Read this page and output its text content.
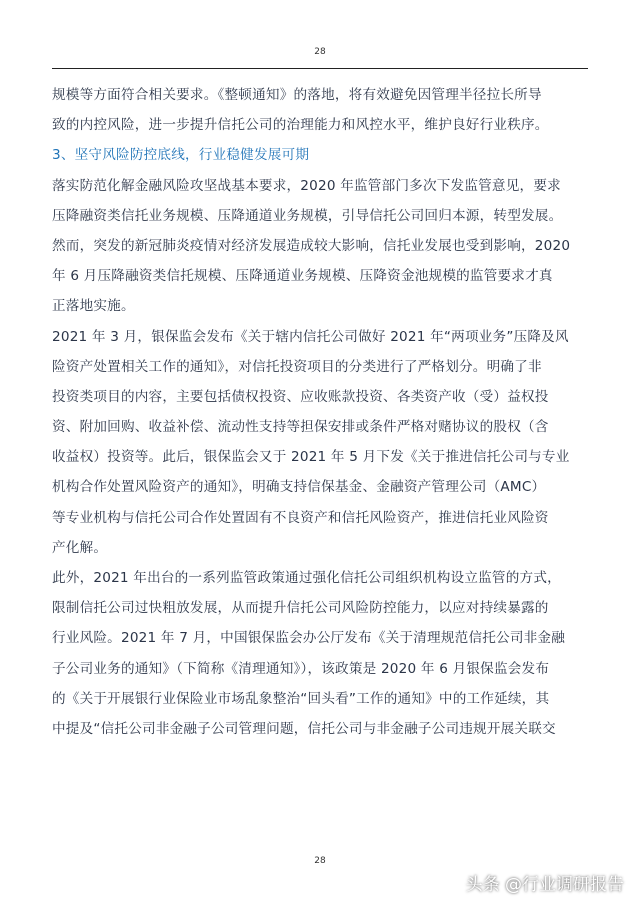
28
规模等方面符合相关要求。《整顿通知》的落地，将有效避免因管理半径拉长所导
致的内控风险，进一步提升信托公司的治理能力和风控水平，维护良好行业秩序。
3、坚守风险防控底线，行业稳健发展可期
落实防范化解金融风险攻坚战基本要求，2020 年监管部门多次下发监管意见，要求
压降融资类信托业务规模、压降通道业务规模，引导信托公司回归本源，转型发展。
然而，突发的新冠肺炎疫情对经济发展造成较大影响，信托业发展也受到影响，2020
年 6 月压降融资类信托规模、压降通道业务规模、压降资金池规模的监管要求才真
正落地实施。
2021 年 3 月，银保监会发布《关于辖内信托公司做好 2021 年“两项业务”压降及风
险资产处置相关工作的通知》，对信托投资项目的分类进行了严格划分。明确了非
投资类项目的内容，主要包括债权投资、应收账款投资、各类资产收（受）益权投
资、附加回购、收益补偿、流动性支持等担保安排或条件严格对赌协议的股权（含
收益权）投资等。此后，银保监会又于 2021 年 5 月下发《关于推进信托公司与专业
机构合作处置风险资产的通知》，明确支持信保基金、金融资产管理公司（AMC）
等专业机构与信托公司合作处置固有不良资产和信托风险资产，推进信托业风险资
产化解。
此外，2021 年出台的一系列监管政策通过强化信托公司组织机构设立监管的方式，
限制信托公司过快粗放发展，从而提升信托公司风险防控能力，以应对持续暴露的
行业风险。2021 年 7 月，中国银保监会办公厅发布《关于清理规范信托公司非金融
子公司业务的通知》（下简称《清理通知》），该政策是 2020 年 6 月银保监会发布
的《关于开展银行业保险业市场乱象整治“回头看”工作的通知》中的工作延续，其
中提及“信托公司非金融子公司管理问题，信托公司与非金融子公司违规开展关联交
28
头条 @行业调研报告
